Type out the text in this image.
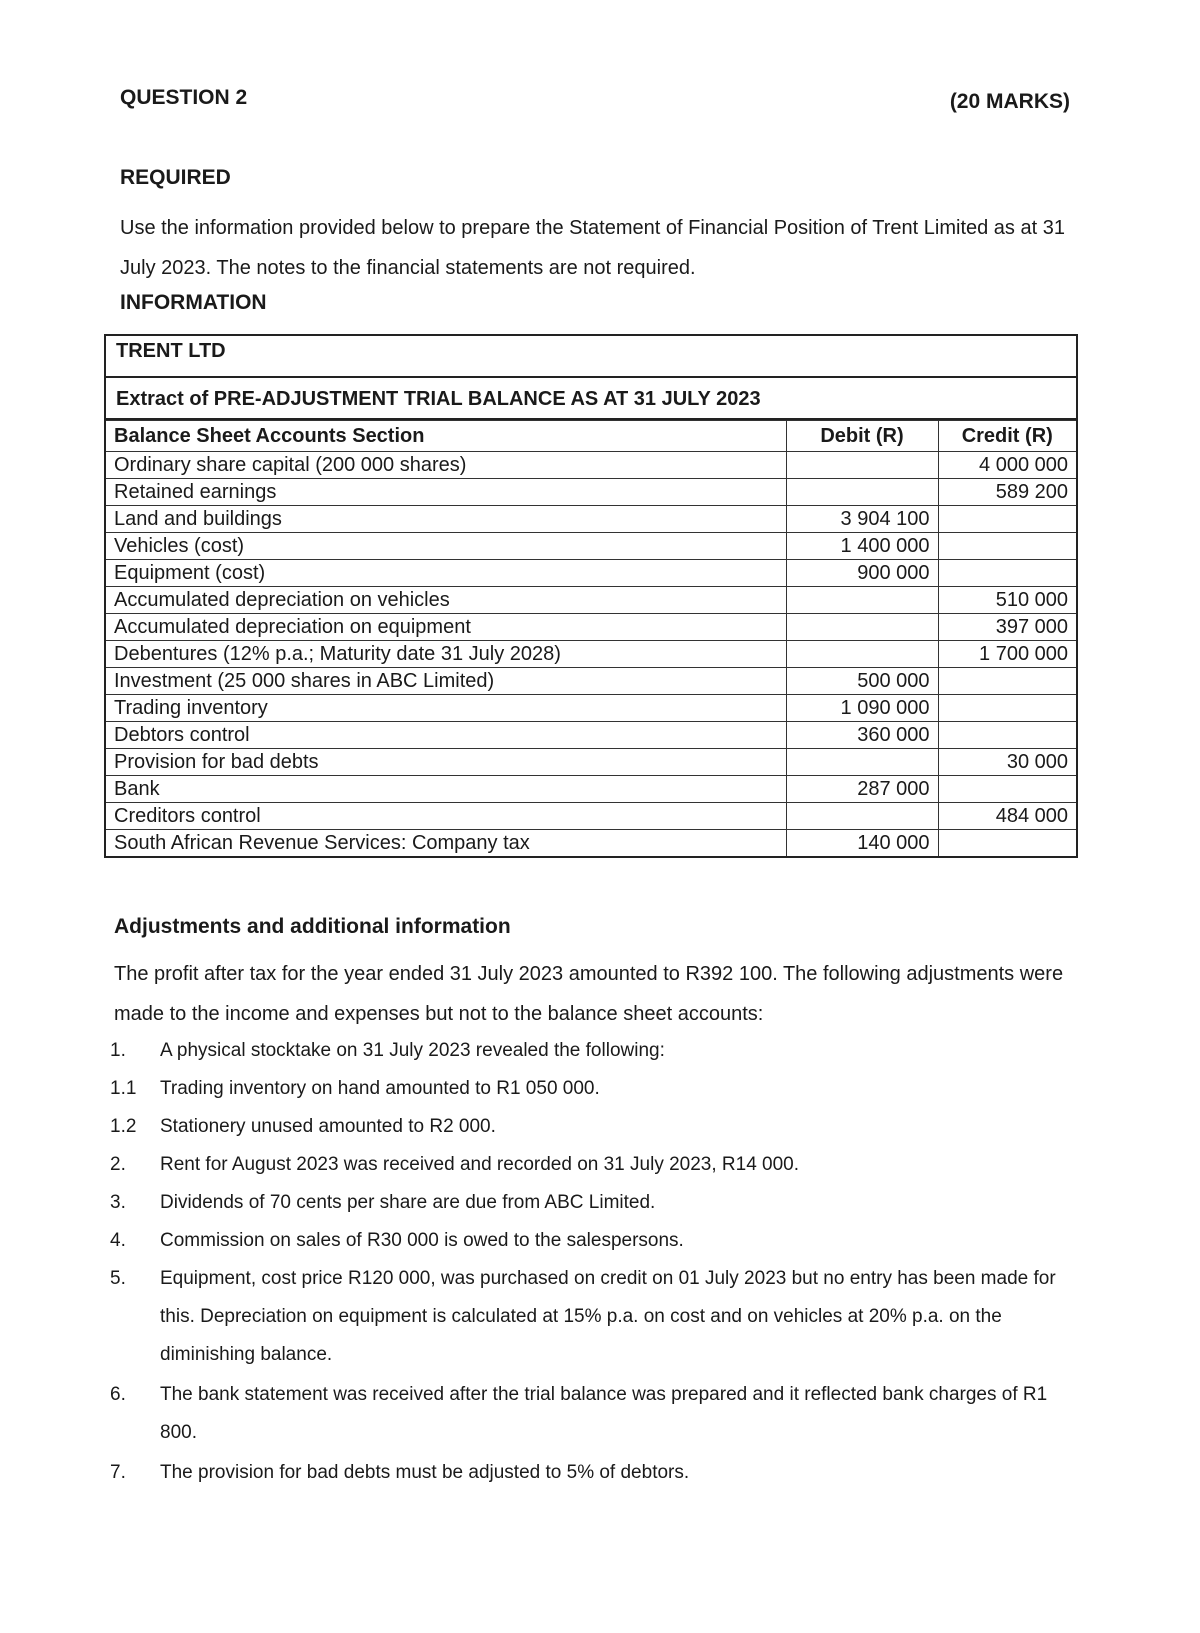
QUESTION 2	(20 MARKS)
REQUIRED
Use the information provided below to prepare the Statement of Financial Position of Trent Limited as at 31 July 2023. The notes to the financial statements are not required.
INFORMATION
TRENT LTD
Extract of PRE-ADJUSTMENT TRIAL BALANCE AS AT 31 JULY 2023
Balance Sheet Accounts Section	Debit (R)	Credit (R)
Ordinary share capital (200 000 shares)		4 000 000
Retained earnings		589 200
Land and buildings	3 904 100	
Vehicles (cost)	1 400 000	
Equipment (cost)	900 000	
Accumulated depreciation on vehicles		510 000
Accumulated depreciation on equipment		397 000
Debentures (12% p.a.; Maturity date 31 July 2028)		1 700 000
Investment (25 000 shares in ABC Limited)	500 000	
Trading inventory	1 090 000	
Debtors control	360 000	
Provision for bad debts		30 000
Bank	287 000	
Creditors control		484 000
South African Revenue Services: Company tax	140 000	
Adjustments and additional information
The profit after tax for the year ended 31 July 2023 amounted to R392 100. The following adjustments were made to the income and expenses but not to the balance sheet accounts:
1.	A physical stocktake on 31 July 2023 revealed the following:
1.1	Trading inventory on hand amounted to R1 050 000.
1.2	Stationery unused amounted to R2 000.
2.	Rent for August 2023 was received and recorded on 31 July 2023, R14 000.
3.	Dividends of 70 cents per share are due from ABC Limited.
4.	Commission on sales of R30 000 is owed to the salespersons.
5.	Equipment, cost price R120 000, was purchased on credit on 01 July 2023 but no entry has been made for this. Depreciation on equipment is calculated at 15% p.a. on cost and on vehicles at 20% p.a. on the diminishing balance.
6.	The bank statement was received after the trial balance was prepared and it reflected bank charges of R1 800.
7.	The provision for bad debts must be adjusted to 5% of debtors.
